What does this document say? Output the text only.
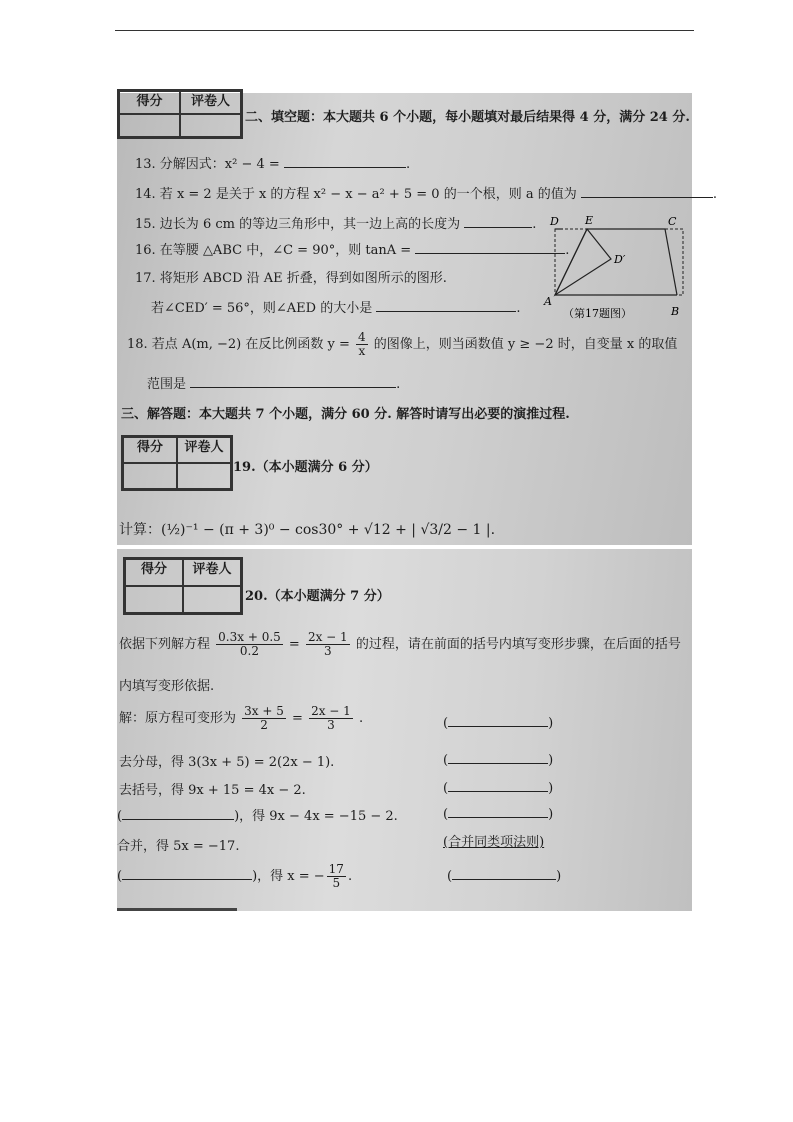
得分	评卷人
二、填空题：本大题共 6 个小题，每小题填对最后结果得 4 分，满分 24 分.
13. 分解因式：x² − 4 =	.
14. 若 x = 2 是关于 x 的方程 x² − x − a² + 5 = 0 的一个根，则 a 的值为	.
15. 边长为 6 cm 的等边三角形中，其一边上高的长度为	.
16. 在等腰 △ABC 中，∠C = 90°，则 tanA =	.
17. 将矩形 ABCD 沿 AE 折叠，得到如图所示的图形.
若∠CED′ = 56°，则∠AED 的大小是	.
D E	C
D′
A
B
（第17题图）
18. 若点 A(m, −2) 在反比例函数 $y = \frac{4}{x}$ 的图像上，则当函数值 y ≥ −2 时，自变量 x 的取值
范围是	.
三、解答题：本大题共 7 个小题，满分 60 分. 解答时请写出必要的演推过程.
得分	评卷人
19.（本小题满分 6 分）
计算：(½)⁻¹ − (π + 3)⁰ − cos30° + √12 + | √3/2 − 1 |.
得分	评卷人
20.（本小题满分 7 分）
依据下列解方程 $\frac{0.3x + 0.5}{0.2} = \frac{2x - 1}{3}$ 的过程，请在前面的括号内填写变形步骤，在后面的括号
内填写变形依据.
解：原方程可变形为 $\frac{3x + 5}{2} = \frac{2x - 1}{3}$ .	(	)
去分母，得 3(3x + 5) = 2(2x − 1).	(	)
去括号，得 9x + 15 = 4x − 2.	(	)
(	)，得 9x − 4x = −15 − 2.	(	)
合并，得 5x = −17.	(合并同类项法则)
(	)，得 x = − $\frac{17}{5}$ .	(	)
